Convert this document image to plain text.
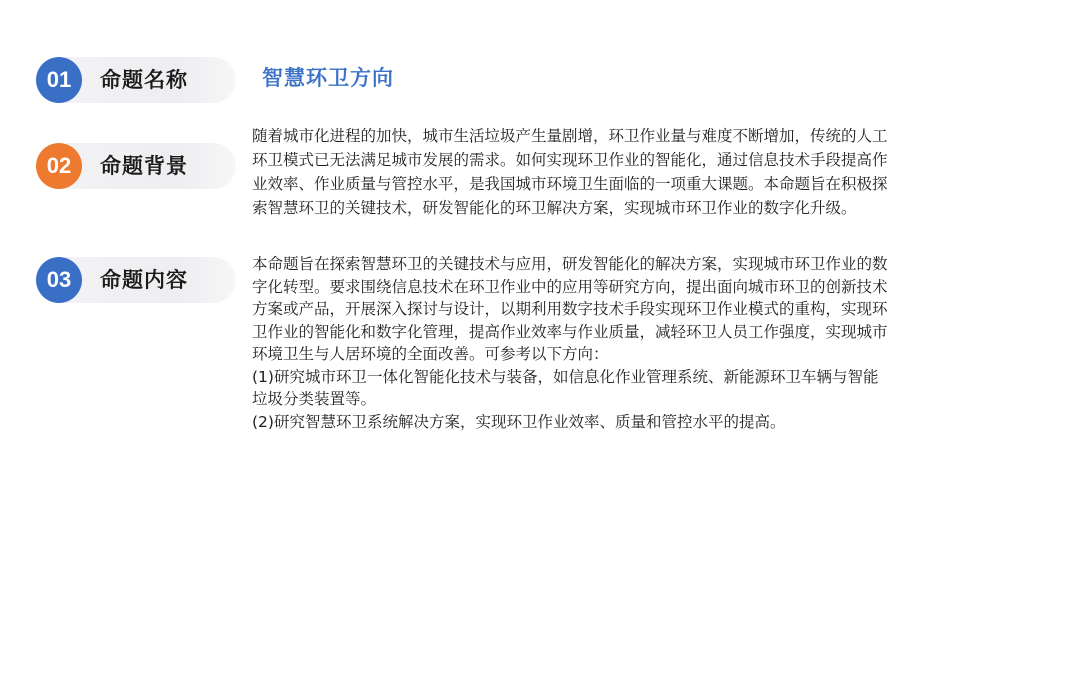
01	命题名称
02	命题背景
03	命题内容
智慧环卫方向
随着城市化进程的加快，城市生活垃圾产生量剧增，环卫作业量与难度不断增加，传统的人工
环卫模式已无法满足城市发展的需求。如何实现环卫作业的智能化，通过信息技术手段提高作
业效率、作业质量与管控水平，是我国城市环境卫生面临的一项重大课题。本命题旨在积极探
索智慧环卫的关键技术，研发智能化的环卫解决方案，实现城市环卫作业的数字化升级。
本命题旨在探索智慧环卫的关键技术与应用，研发智能化的解决方案，实现城市环卫作业的数
字化转型。要求围绕信息技术在环卫作业中的应用等研究方向，提出面向城市环卫的创新技术
方案或产品，开展深入探讨与设计，以期利用数字技术手段实现环卫作业模式的重构，实现环
卫作业的智能化和数字化管理，提高作业效率与作业质量，减轻环卫人员工作强度，实现城市
环境卫生与人居环境的全面改善。可参考以下方向：
(1)研究城市环卫一体化智能化技术与装备，如信息化作业管理系统、新能源环卫车辆与智能
垃圾分类装置等。
(2)研究智慧环卫系统解决方案，实现环卫作业效率、质量和管控水平的提高。
